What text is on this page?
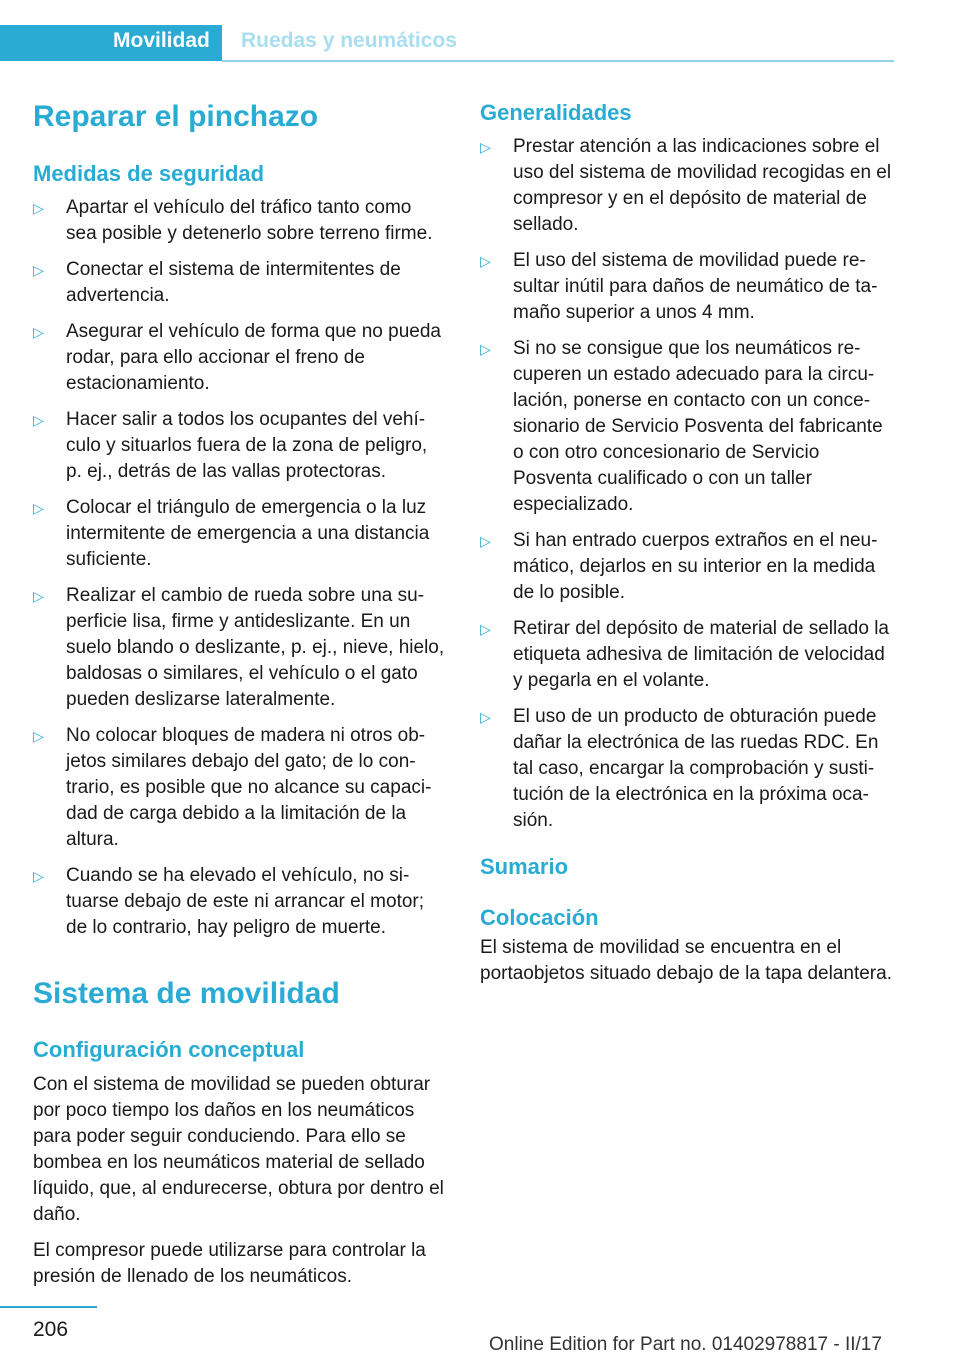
Movilidad Ruedas y neumáticos
Reparar el pinchazo
Medidas de seguridad
▷ Apartar el vehículo del tráfico tanto como sea posible y detenerlo sobre terreno firme.
▷ Conectar el sistema de intermitentes de advertencia.
▷ Asegurar el vehículo de forma que no pueda rodar, para ello accionar el freno de estacionamiento.
▷ Hacer salir a todos los ocupantes del vehículo y situarlos fuera de la zona de peligro, p. ej., detrás de las vallas protectoras.
▷ Colocar el triángulo de emergencia o la luz intermitente de emergencia a una distancia suficiente.
▷ Realizar el cambio de rueda sobre una superficie lisa, firme y antideslizante. En un suelo blando o deslizante, p. ej., nieve, hielo, baldosas o similares, el vehículo o el gato pueden deslizarse lateralmente.
▷ No colocar bloques de madera ni otros objetos similares debajo del gato; de lo contrario, es posible que no alcance su capacidad de carga debido a la limitación de la altura.
▷ Cuando se ha elevado el vehículo, no situarse debajo de este ni arrancar el motor; de lo contrario, hay peligro de muerte.
Sistema de movilidad
Configuración conceptual

Con el sistema de movilidad se pueden obturar por poco tiempo los daños en los neumáticos para poder seguir conduciendo. Para ello se bombea en los neumáticos material de sellado líquido, que, al endurecerse, obtura por dentro el daño.

El compresor puede utilizarse para controlar la presión de llenado de los neumáticos.

Generalidades
▷ Prestar atención a las indicaciones sobre el uso del sistema de movilidad recogidas en el compresor y en el depósito de material de sellado.
▷ El uso del sistema de movilidad puede resultar inútil para daños de neumático de tamaño superior a unos 4 mm.
▷ Si no se consigue que los neumáticos recuperen un estado adecuado para la circulación, ponerse en contacto con un concesionario de Servicio Posventa del fabricante o con otro concesionario de Servicio Posventa cualificado o con un taller especializado.
▷ Si han entrado cuerpos extraños en el neumático, dejarlos en su interior en la medida de lo posible.
▷ Retirar del depósito de material de sellado la etiqueta adhesiva de limitación de velocidad y pegarla en el volante.
▷ El uso de un producto de obturación puede dañar la electrónica de las ruedas RDC. En tal caso, encargar la comprobación y sustitución de la electrónica en la próxima ocasión.
Sumario
Colocación

El sistema de movilidad se encuentra en el portaobjetos situado debajo de la tapa delantera.

206
Online Edition for Part no. 01402978817 - II/17
